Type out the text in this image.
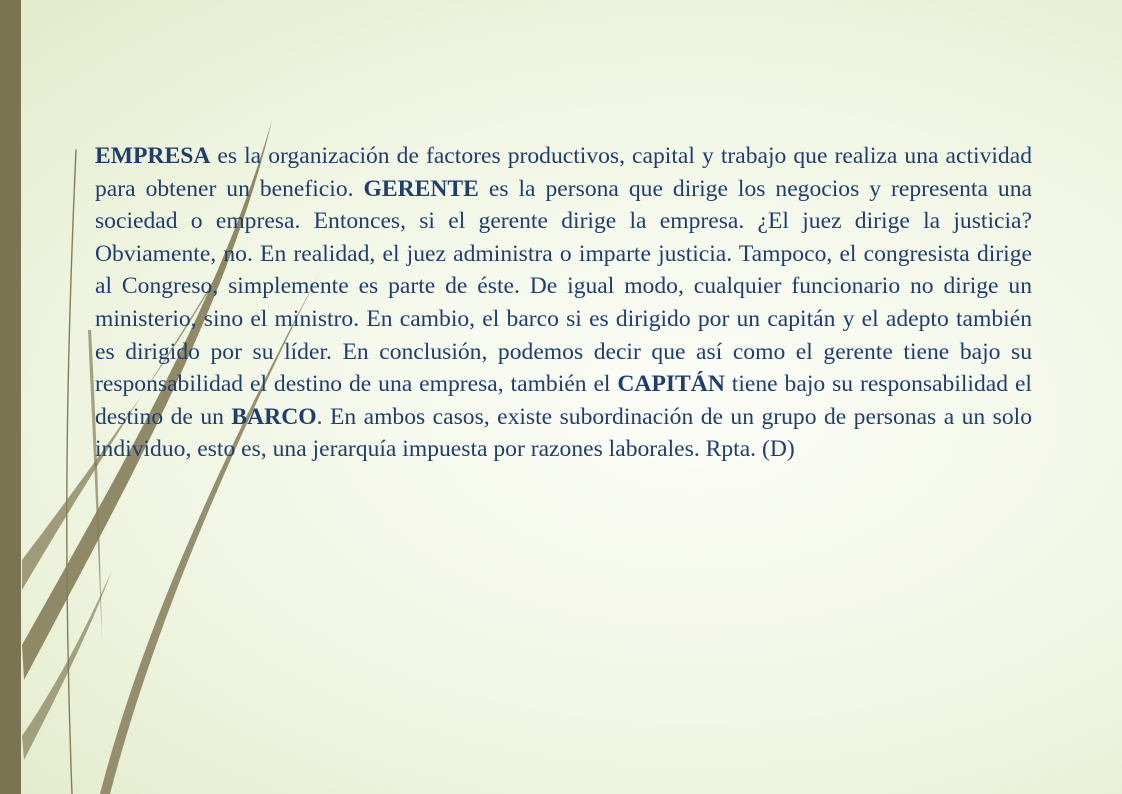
EMPRESA es la organización de factores productivos, capital y trabajo que realiza una actividad para obtener un beneficio. GERENTE es la persona que dirige los negocios y representa una sociedad o empresa. Entonces, si el gerente dirige la empresa. ¿El juez dirige la justicia? Obviamente, no. En realidad, el juez administra o imparte justicia. Tampoco, el congresista dirige al Congreso, simplemente es parte de éste. De igual modo, cualquier funcionario no dirige un ministerio, sino el ministro. En cambio, el barco si es dirigido por un capitán y el adepto también es dirigido por su líder. En conclusión, podemos decir que así como el gerente tiene bajo su responsabilidad el destino de una empresa, también el CAPITÁN tiene bajo su responsabilidad el destino de un BARCO. En ambos casos, existe subordinación de un grupo de personas a un solo individuo, esto es, una jerarquía impuesta por razones laborales. Rpta. (D)
